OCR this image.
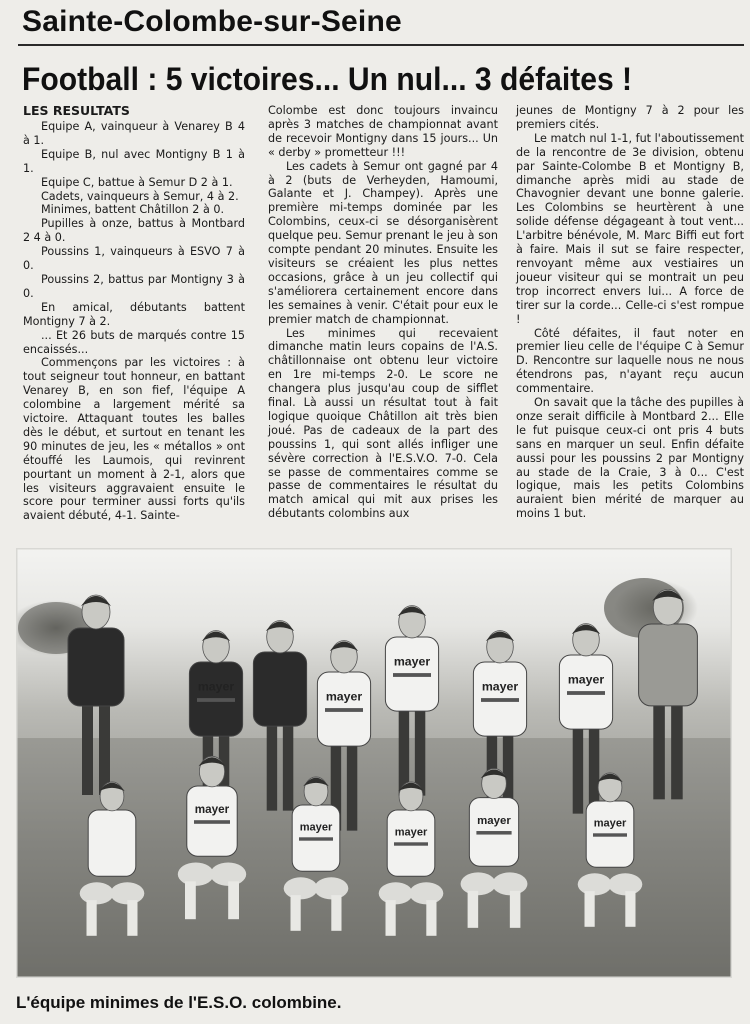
Sainte-Colombe-sur-Seine
Football : 5 victoires... Un nul... 3 défaites !

LES RESULTATS

Equipe A, vainqueur à Venarey B 4 à 1.

Equipe B, nul avec Montigny B 1 à 1.

Equipe C, battue à Semur D 2 à 1.

Cadets, vainqueurs à Semur, 4 à 2.

Minimes, battent Châtillon 2 à 0.

Pupilles à onze, battus à Montbard 2 4 à 0.

Poussins 1, vainqueurs à ESVO 7 à 0.

Poussins 2, battus par Montigny 3 à 0.

En amical, débutants battent Montigny 7 à 2.

... Et 26 buts de marqués contre 15 encaissés...

Commençons par les victoires : à tout seigneur tout honneur, en battant Venarey B, en son fief, l'équipe A colombine a largement mérité sa victoire. Attaquant toutes les balles dès le début, et surtout en tenant les 90 minutes de jeu, les « métallos » ont étouffé les Laumois, qui revinrent pourtant un moment à 2-1, alors que les visiteurs aggravaient ensuite le score pour terminer aussi forts qu'ils avaient débuté, 4-1. Sainte-

Colombe est donc toujours invaincu après 3 matches de championnat avant de recevoir Montigny dans 15 jours... Un « derby » prometteur !!!

Les cadets à Semur ont gagné par 4 à 2 (buts de Verheyden, Hamoumi, Galante et J. Champey). Après une première mi-temps dominée par les Colombins, ceux-ci se désorganisèrent quelque peu. Semur prenant le jeu à son compte pendant 20 minutes. Ensuite les visiteurs se créaient les plus nettes occasions, grâce à un jeu collectif qui s'améliorera certainement encore dans les semaines à venir. C'était pour eux le premier match de championnat.

Les minimes qui recevaient dimanche matin leurs copains de l'A.S. châtillonnaise ont obtenu leur victoire en 1re mi-temps 2-0. Le score ne changera plus jusqu'au coup de sifflet final. Là aussi un résultat tout à fait logique quoique Châtillon ait très bien joué. Pas de cadeaux de la part des poussins 1, qui sont allés infliger une sévère correction à l'E.S.V.O. 7-0. Cela se passe de commentaires comme se passe de commentaires le résultat du match amical qui mit aux prises les débutants colombins aux

jeunes de Montigny 7 à 2 pour les premiers cités.

Le match nul 1-1, fut l'aboutissement de la rencontre de 3e division, obtenu par Sainte-Colombe B et Montigny B, dimanche après midi au stade de Chavognier devant une bonne galerie. Les Colombins se heurtèrent à une solide défense dégageant à tout vent... L'arbitre bénévole, M. Marc Biffi eut fort à faire. Mais il sut se faire respecter, renvoyant même aux vestiaires un joueur visiteur qui se montrait un peu trop incorrect envers lui... A force de tirer sur la corde... Celle-ci s'est rompue !

Côté défaites, il faut noter en premier lieu celle de l'équipe C à Semur D. Rencontre sur laquelle nous ne nous étendrons pas, n'ayant reçu aucun commentaire.

On savait que la tâche des pupilles à onze serait difficile à Montbard 2... Elle le fut puisque ceux-ci ont pris 4 buts sans en marquer un seul. Enfin défaite aussi pour les poussins 2 par Montigny au stade de la Craie, 3 à 0... C'est logique, mais les petits Colombins auraient bien mérité de marquer au moins 1 but.

mayer
mayer
mayer
mayer	mayer
mayer
mayer	mayer
mayer	mayer
L'équipe minimes de l'E.S.O. colombine.
